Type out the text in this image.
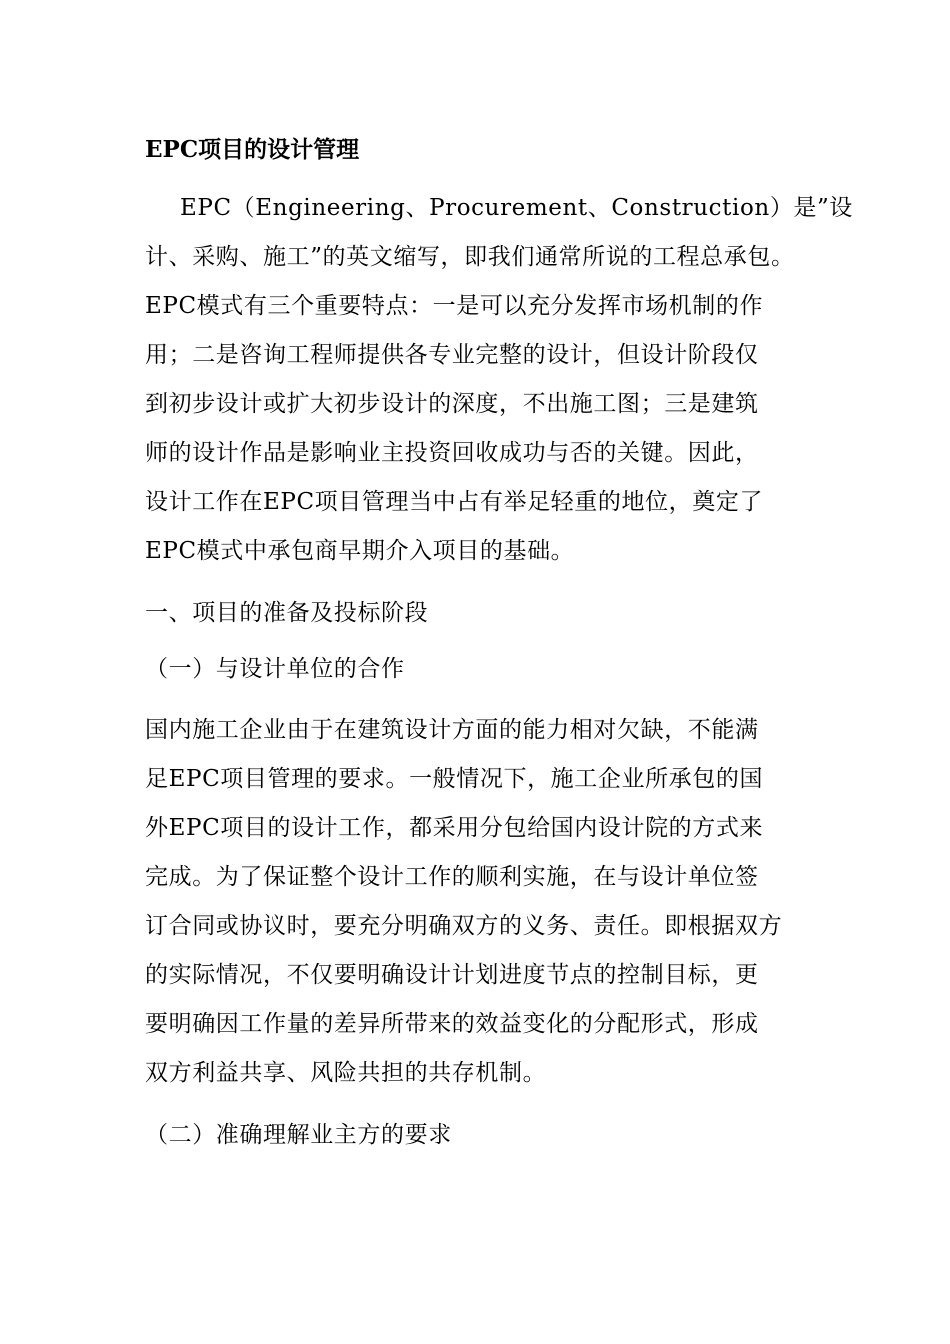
EPC项目的设计管理
EPC（Engineering、Procurement、Construction）是”设
计、采购、施工”的英文缩写，即我们通常所说的工程总承包。
EPC模式有三个重要特点：一是可以充分发挥市场机制的作
用；二是咨询工程师提供各专业完整的设计，但设计阶段仅
到初步设计或扩大初步设计的深度，不出施工图；三是建筑
师的设计作品是影响业主投资回收成功与否的关键。因此，
设计工作在EPC项目管理当中占有举足轻重的地位，奠定了
EPC模式中承包商早期介入项目的基础。
一、项目的准备及投标阶段
（一）与设计单位的合作
国内施工企业由于在建筑设计方面的能力相对欠缺，不能满
足EPC项目管理的要求。一般情况下，施工企业所承包的国
外EPC项目的设计工作，都采用分包给国内设计院的方式来
完成。为了保证整个设计工作的顺利实施，在与设计单位签
订合同或协议时，要充分明确双方的义务、责任。即根据双方
的实际情况，不仅要明确设计计划进度节点的控制目标，更
要明确因工作量的差异所带来的效益变化的分配形式，形成
双方利益共享、风险共担的共存机制。
（二）准确理解业主方的要求
